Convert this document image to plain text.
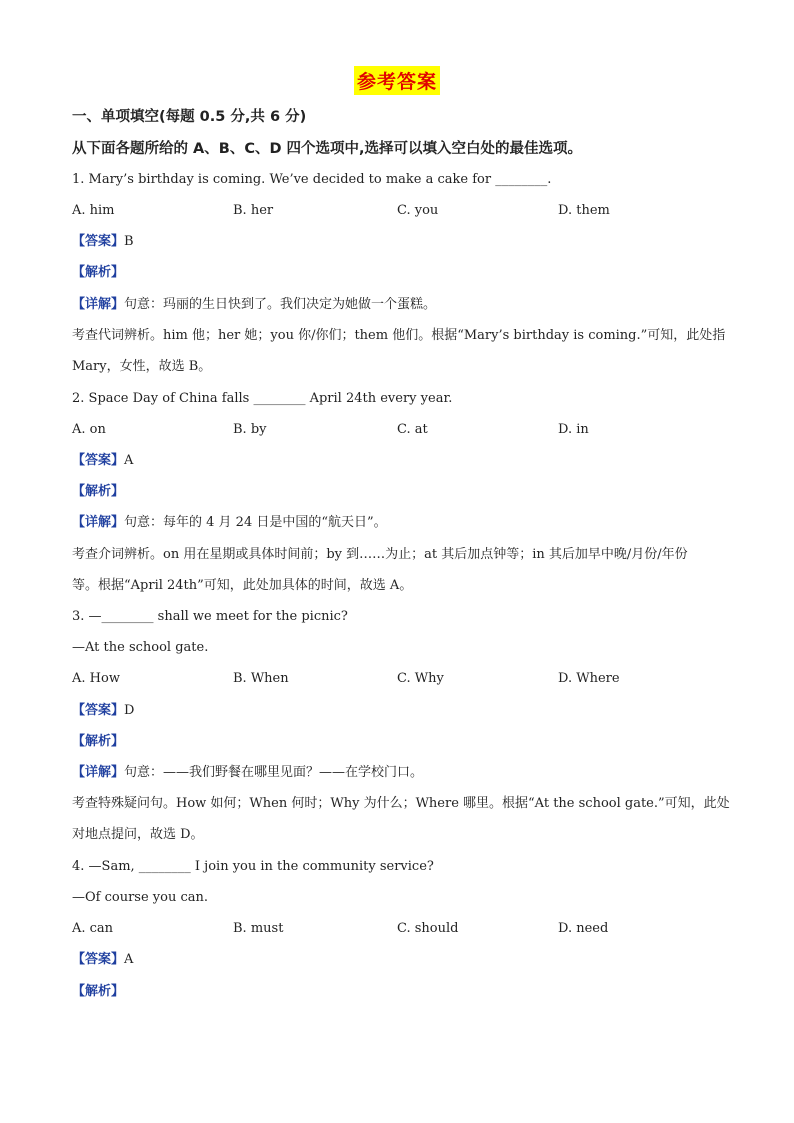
参考答案
一、单项填空(每题 0.5 分,共 6 分)
从下面各题所给的 A、B、C、D 四个选项中,选择可以填入空白处的最佳选项。
1. Mary’s birthday is coming. We’ve decided to make a cake for ________.
A. him	B. her	C. you	D. them
【答案】B
【解析】
【详解】句意：玛丽的生日快到了。我们决定为她做一个蛋糕。
考查代词辨析。him 他；her 她；you 你/你们；them 他们。根据“Mary’s birthday is coming.”可知，此处指
Mary，女性，故选 B。
2. Space Day of China falls ________ April 24th every year.
A. on	B. by	C. at	D. in
【答案】A
【解析】
【详解】句意：每年的 4 月 24 日是中国的“航天日”。
考查介词辨析。on 用在星期或具体时间前；by 到……为止；at 其后加点钟等；in 其后加早中晚/月份/年份
等。根据“April 24th”可知，此处加具体的时间，故选 A。
3. —________ shall we meet for the picnic?
—At the school gate.
A. How	B. When	C. Why	D. Where
【答案】D
【解析】
【详解】句意：——我们野餐在哪里见面？——在学校门口。
考查特殊疑问句。How 如何；When 何时；Why 为什么；Where 哪里。根据“At the school gate.”可知，此处
对地点提问，故选 D。
4. —Sam, ________ I join you in the community service?
—Of course you can.
A. can	B. must	C. should	D. need
【答案】A
【解析】
